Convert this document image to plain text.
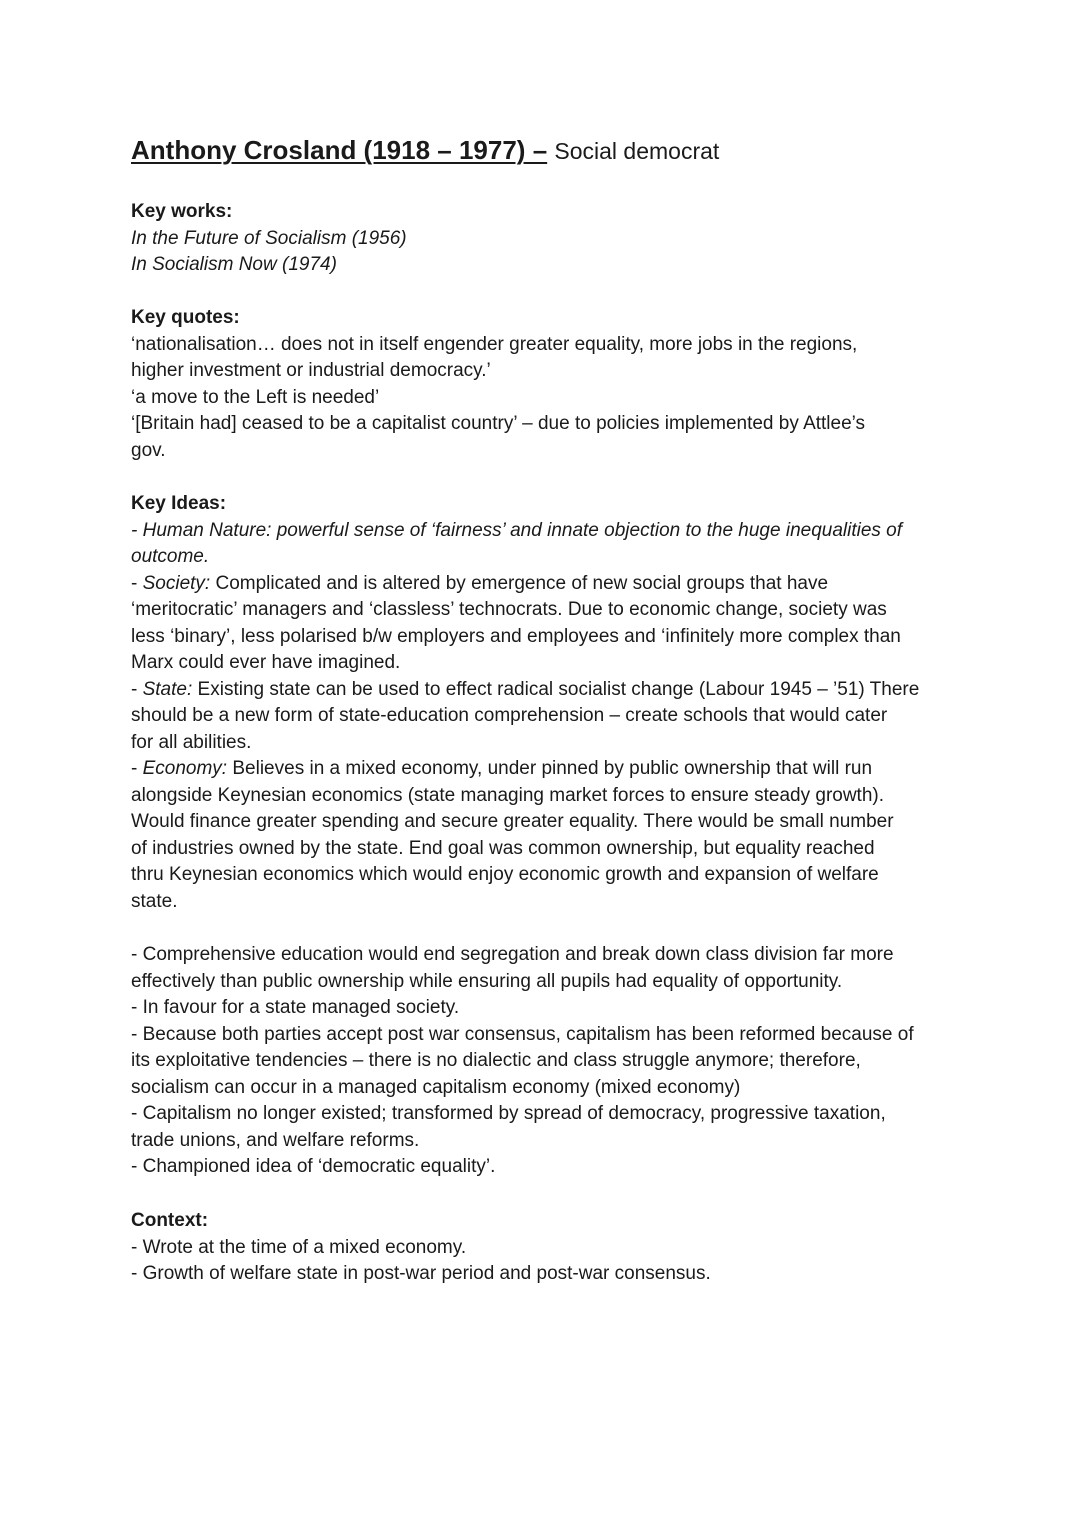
Anthony Crosland (1918 – 1977) – Social democrat
Key works:
In the Future of Socialism (1956)
In Socialism Now (1974)
Key quotes:
‘nationalisation… does not in itself engender greater equality, more jobs in the regions,
higher investment or industrial democracy.’
‘a move to the Left is needed’
‘[Britain had] ceased to be a capitalist country’ – due to policies implemented by Attlee’s
gov.
Key Ideas:
- Human Nature: powerful sense of ‘fairness’ and innate objection to the huge inequalities of
outcome.
- Society: Complicated and is altered by emergence of new social groups that have
‘meritocratic’ managers and ‘classless’ technocrats. Due to economic change, society was
less ‘binary’, less polarised b/w employers and employees and ‘infinitely more complex than
Marx could ever have imagined.
- State: Existing state can be used to effect radical socialist change (Labour 1945 – ’51) There
should be a new form of state-education comprehension – create schools that would cater
for all abilities.
- Economy: Believes in a mixed economy, under pinned by public ownership that will run
alongside Keynesian economics (state managing market forces to ensure steady growth).
Would finance greater spending and secure greater equality. There would be small number
of industries owned by the state. End goal was common ownership, but equality reached
thru Keynesian economics which would enjoy economic growth and expansion of welfare
state.
- Comprehensive education would end segregation and break down class division far more
effectively than public ownership while ensuring all pupils had equality of opportunity.
- In favour for a state managed society.
- Because both parties accept post war consensus, capitalism has been reformed because of
its exploitative tendencies – there is no dialectic and class struggle anymore; therefore,
socialism can occur in a managed capitalism economy (mixed economy)
- Capitalism no longer existed; transformed by spread of democracy, progressive taxation,
trade unions, and welfare reforms.
- Championed idea of ‘democratic equality’.
Context:
- Wrote at the time of a mixed economy.
- Growth of welfare state in post-war period and post-war consensus.
